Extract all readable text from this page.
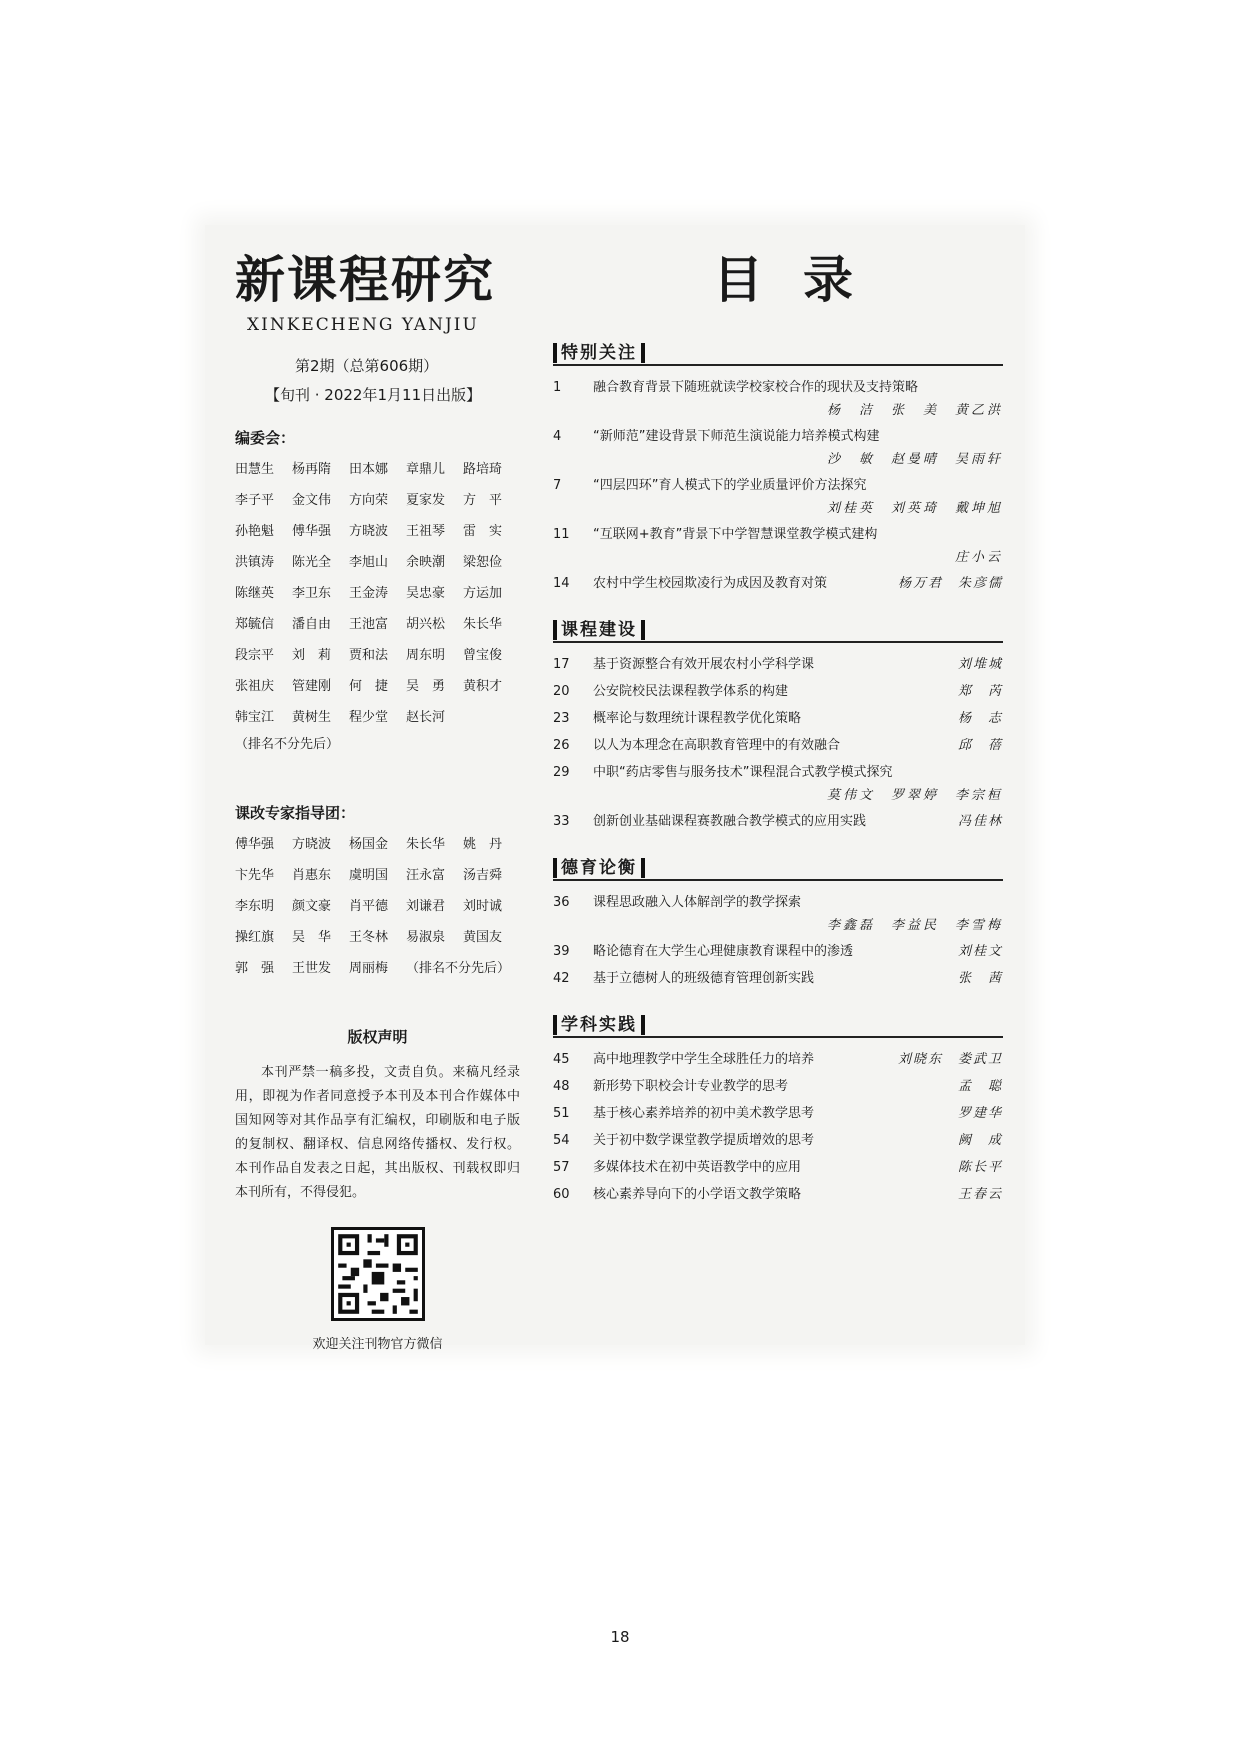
新课程研究
XINKECHENG YANJIU
第2期（总第606期）
【旬刊 · 2022年1月11日出版】
编委会：
田慧生	杨再隋	田本娜	章鼎儿	路培琦
李子平	金文伟	方向荣	夏家发	方　平
孙艳魁	傅华强	方晓波	王祖琴	雷　实
洪镇涛	陈光全	李旭山	余映潮	梁恕俭
陈继英	李卫东	王金涛	吴忠豪	方运加
郑毓信	潘自由	王池富	胡兴松	朱长华
段宗平	刘　莉	贾和法	周东明	曾宝俊
张祖庆	管建刚	何　捷	吴　勇	黄积才
韩宝江	黄树生	程少堂	赵长河
（排名不分先后）
课改专家指导团：
傅华强	方晓波	杨国金	朱长华	姚　丹
卞先华	肖惠东	虞明国	汪永富	汤吉舜
李东明	颜文豪	肖平德	刘谦君	刘时诚
操红旗	吴　华	王冬林	易淑泉	黄国友
郭　强	王世发	周丽梅	（排名不分先后）
版权声明
本刊严禁一稿多投，文责自负。来稿凡经录用，即视为作者同意授予本刊及本刊合作媒体中国知网等对其作品享有汇编权，印刷版和电子版的复制权、翻译权、信息网络传播权、发行权。本刊作品自发表之日起，其出版权、刊载权即归本刊所有，不得侵犯。
欢迎关注刊物官方微信
目录
特别关注
1	融合教育背景下随班就读学校家校合作的现状及支持策略
杨　洁　张　美　黄乙洪
4	“新师范”建设背景下师范生演说能力培养模式构建
沙　敏　赵曼晴　吴雨轩
7	“四层四环”育人模式下的学业质量评价方法探究
刘桂英　刘英琦　戴坤旭
11	“互联网+教育”背景下中学智慧课堂教学模式建构
庄小云
14	农村中学生校园欺凌行为成因及教育对策	杨万君　朱彦儒
课程建设
17	基于资源整合有效开展农村小学科学课	刘堆城
20	公安院校民法课程教学体系的构建	郑　芮
23	概率论与数理统计课程教学优化策略	杨　志
26	以人为本理念在高职教育管理中的有效融合	邱　蓓
29	中职“药店零售与服务技术”课程混合式教学模式探究
莫伟文　罗翠婷　李宗桓
33	创新创业基础课程赛教融合教学模式的应用实践	冯佳林
德育论衡
36	课程思政融入人体解剖学的教学探索
李鑫磊　李益民　李雪梅
39	略论德育在大学生心理健康教育课程中的渗透	刘桂文
42	基于立德树人的班级德育管理创新实践	张　茜
学科实践
45	高中地理教学中学生全球胜任力的培养	刘晓东　娄武卫
48	新形势下职校会计专业教学的思考	孟　聪
51	基于核心素养培养的初中美术教学思考	罗建华
54	关于初中数学课堂教学提质增效的思考	阙　成
57	多媒体技术在初中英语教学中的应用	陈长平
60	核心素养导向下的小学语文教学策略	王春云
18
